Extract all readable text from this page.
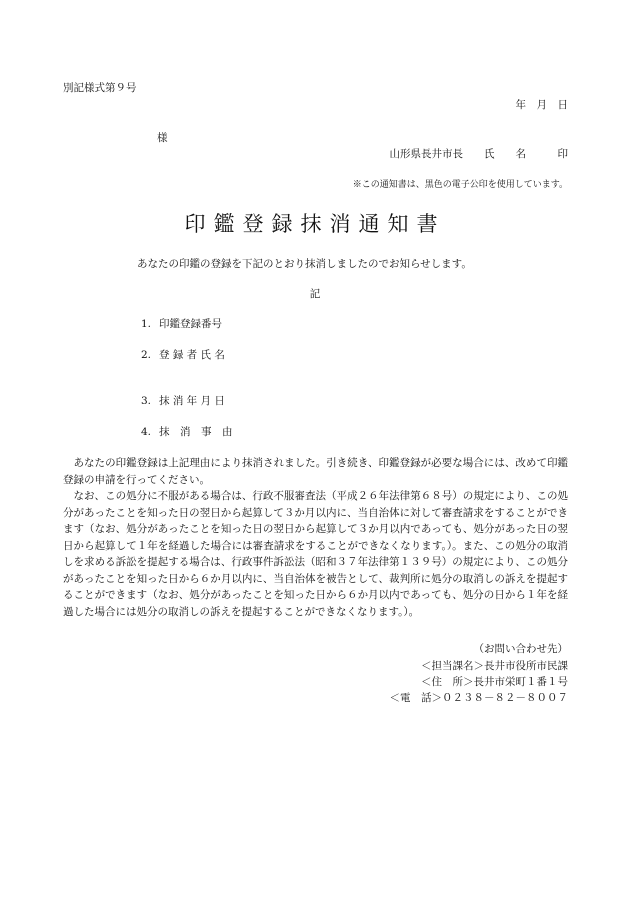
別記様式第９号
年　月　日
様
山形県長井市長　　氏　　名　　　印
※この通知書は、黒色の電子公印を使用しています。
印鑑登録抹消通知書
あなたの印鑑の登録を下記のとおり抹消しましたのでお知らせします。
記
1. 印鑑登録番号
2. 登 録 者 氏 名
3. 抹 消 年 月 日
4. 抹　消　事　由

あなたの印鑑登録は上記理由により抹消されました。引き続き、印鑑登録が必要な場合には、改めて印鑑登録の申請を行ってください。

なお、この処分に不服がある場合は、行政不服審査法（平成２６年法律第６８号）の規定により、この処分があったことを知った日の翌日から起算して３か月以内に、当自治体に対して審査請求をすることができます（なお、処分があったことを知った日の翌日から起算して３か月以内であっても、処分があった日の翌日から起算して１年を経過した場合には審査請求をすることができなくなります。）。また、この処分の取消しを求める訴訟を提起する場合は、行政事件訴訟法（昭和３７年法律第１３９号）の規定により、この処分があったことを知った日から６か月以内に、当自治体を被告として、裁判所に処分の取消しの訴えを提起することができます（なお、処分があったことを知った日から６か月以内であっても、処分の日から１年を経過した場合には処分の取消しの訴えを提起することができなくなります。）。

（お問い合わせ先）
＜担当課名＞長井市役所市民課
＜住　所＞長井市栄町１番１号
＜電　話＞０２３８－８２－８００７
